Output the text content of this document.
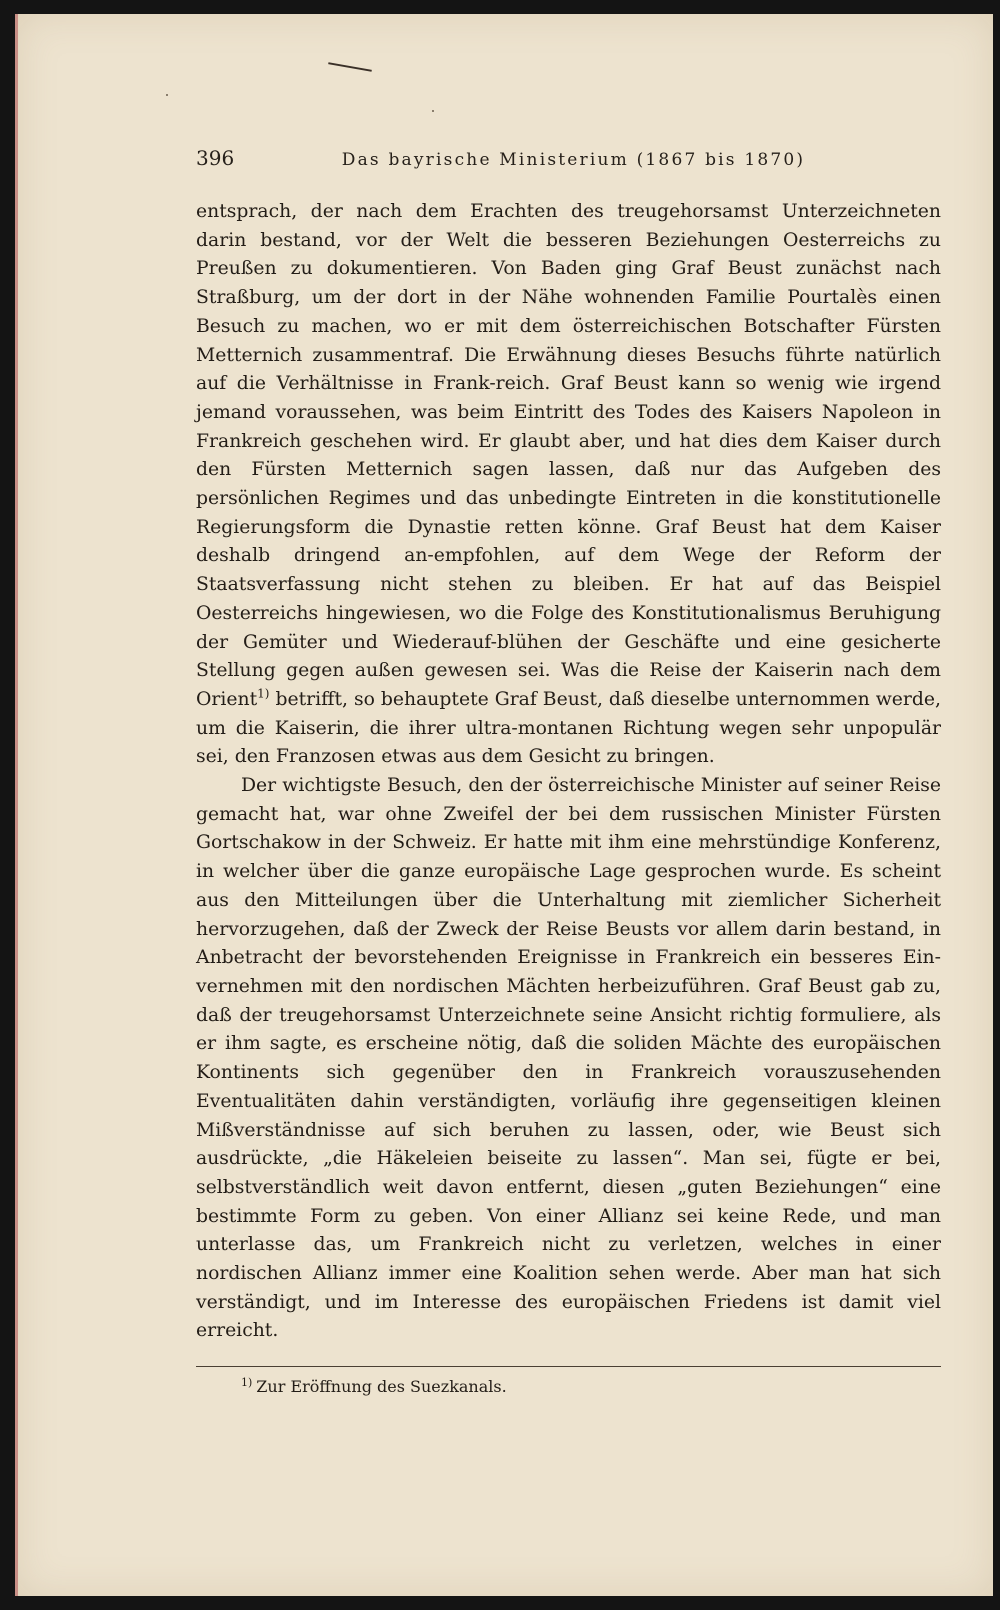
396	Das bayrische Ministerium (1867 bis 1870)

entsprach, der nach dem Erachten des treugehorsamst Unterzeichneten darin bestand, vor der Welt die besseren Beziehungen Oesterreichs zu Preußen zu dokumentieren. Von Baden ging Graf Beust zunächst nach Straßburg, um der dort in der Nähe wohnenden Familie Pourtalès einen Besuch zu machen, wo er mit dem österreichischen Botschafter Fürsten Metternich zusammentraf. Die Erwähnung dieses Besuchs führte natürlich auf die Verhältnisse in Frank-reich. Graf Beust kann so wenig wie irgend jemand voraussehen, was beim Eintritt des Todes des Kaisers Napoleon in Frankreich geschehen wird. Er glaubt aber, und hat dies dem Kaiser durch den Fürsten Metternich sagen lassen, daß nur das Aufgeben des persönlichen Regimes und das unbedingte Eintreten in die konstitutionelle Regierungsform die Dynastie retten könne. Graf Beust hat dem Kaiser deshalb dringend an-empfohlen, auf dem Wege der Reform der Staatsverfassung nicht stehen zu bleiben. Er hat auf das Beispiel Oesterreichs hingewiesen, wo die Folge des Konstitutionalismus Beruhigung der Gemüter und Wiederauf-blühen der Geschäfte und eine gesicherte Stellung gegen außen gewesen sei. Was die Reise der Kaiserin nach dem Orient$^{1)}$ betrifft, so behauptete Graf Beust, daß dieselbe unternommen werde, um die Kaiserin, die ihrer ultra-montanen Richtung wegen sehr unpopulär sei, den Franzosen etwas aus dem Gesicht zu bringen.

Der wichtigste Besuch, den der österreichische Minister auf seiner Reise gemacht hat, war ohne Zweifel der bei dem russischen Minister Fürsten Gortschakow in der Schweiz. Er hatte mit ihm eine mehrstündige Konferenz, in welcher über die ganze europäische Lage gesprochen wurde. Es scheint aus den Mitteilungen über die Unterhaltung mit ziemlicher Sicherheit hervorzugehen, daß der Zweck der Reise Beusts vor allem darin bestand, in Anbetracht der bevorstehenden Ereignisse in Frankreich ein besseres Ein-vernehmen mit den nordischen Mächten herbeizuführen. Graf Beust gab zu, daß der treugehorsamst Unterzeichnete seine Ansicht richtig formuliere, als er ihm sagte, es erscheine nötig, daß die soliden Mächte des europäischen Kontinents sich gegenüber den in Frankreich vorauszusehenden Eventualitäten dahin verständigten, vorläufig ihre gegenseitigen kleinen Mißverständnisse auf sich beruhen zu lassen, oder, wie Beust sich ausdrückte, „die Häkeleien beiseite zu lassen“. Man sei, fügte er bei, selbstverständlich weit davon entfernt, diesen „guten Beziehungen“ eine bestimmte Form zu geben. Von einer Allianz sei keine Rede, und man unterlasse das, um Frankreich nicht zu verletzen, welches in einer nordischen Allianz immer eine Koalition sehen werde. Aber man hat sich verständigt, und im Interesse des europäischen Friedens ist damit viel erreicht.

$^{1)}$ Zur Eröffnung des Suezkanals.
